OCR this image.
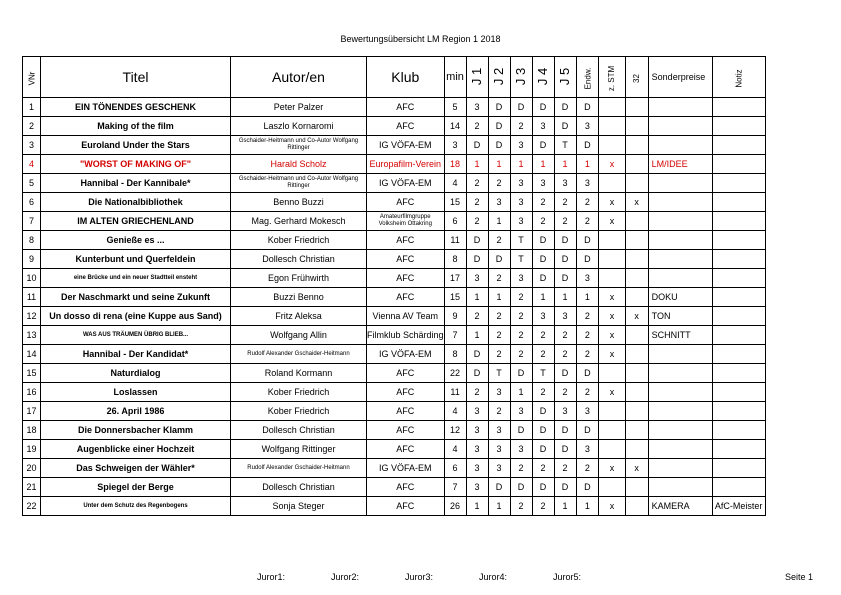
Bewertungsübersicht LM Region 1 2018
VNr	Titel	Autor/en	Klub	min	J 1	J 2	J 3	J 4	J 5	Endw.	z. STM	32	Sonderpreise	Notiz
1	EIN TÖNENDES GESCHENK	Peter Palzer	AFC	5	3	D	D	D	D	D				
2	Making of the film	Laszlo Kornaromi	AFC	14	2	D	2	3	D	3				
3	Euroland Under the Stars	Gschaider-Heitmann und Co-Autor Wolfgang Rittinger	IG VÖFA-EM	3	D	D	3	D	T	D				
4	"WORST OF MAKING OF"	Harald Scholz	Europafilm-Verein	18	1	1	1	1	1	1	x		LM/IDEE	
5	Hannibal - Der Kannibale*	Gschaider-Heitmann und Co-Autor Wolfgang Rittinger	IG VÖFA-EM	4	2	2	3	3	3	3				
6	Die Nationalbibliothek	Benno Buzzi	AFC	15	2	3	3	2	2	2	x	x		
7	IM ALTEN GRIECHENLAND	Mag. Gerhard Mokesch	Amateurfilmgruppe Volksheim Ottakring	6	2	1	3	2	2	2	x			
8	Genieße es ...	Kober Friedrich	AFC	11	D	2	T	D	D	D				
9	Kunterbunt und Querfeldein	Dollesch Christian	AFC	8	D	D	T	D	D	D				
10	eine Brücke und ein neuer Stadtteil ensteht	Egon Frühwirth	AFC	17	3	2	3	D	D	3				
11	Der Naschmarkt und seine Zukunft	Buzzi Benno	AFC	15	1	1	2	1	1	1	x		DOKU	
12	Un dosso di rena (eine Kuppe aus Sand)	Fritz Aleksa	Vienna AV Team	9	2	2	2	3	3	2	x	x	TON	
13	WAS AUS TRÄUMEN ÜBRIG BLIEB...	Wolfgang Allin	Filmklub Schärding	7	1	2	2	2	2	2	x		SCHNITT	
14	Hannibal - Der Kandidat*	Rudolf Alexander Gschaider-Heitmann	IG VÖFA-EM	8	D	2	2	2	2	2	x			
15	Naturdialog	Roland Kormann	AFC	22	D	T	D	T	D	D				
16	Loslassen	Kober Friedrich	AFC	11	2	3	1	2	2	2	x			
17	26. April 1986	Kober Friedrich	AFC	4	3	2	3	D	3	3				
18	Die Donnersbacher Klamm	Dollesch Christian	AFC	12	3	3	D	D	D	D				
19	Augenblicke einer Hochzeit	Wolfgang Rittinger	AFC	4	3	3	3	D	D	3				
20	Das Schweigen der Wähler*	Rudolf Alexander Gschaider-Heitmann	IG VÖFA-EM	6	3	3	2	2	2	2	x	x		
21	Spiegel der Berge	Dollesch Christian	AFC	7	3	D	D	D	D	D				
22	Unter dem Schutz des Regenbogens	Sonja Steger	AFC	26	1	1	2	2	1	1	x		KAMERA	AfC-Meister
Juror1:	Juror2:	Juror3:	Juror4:	Juror5:	Seite 1
